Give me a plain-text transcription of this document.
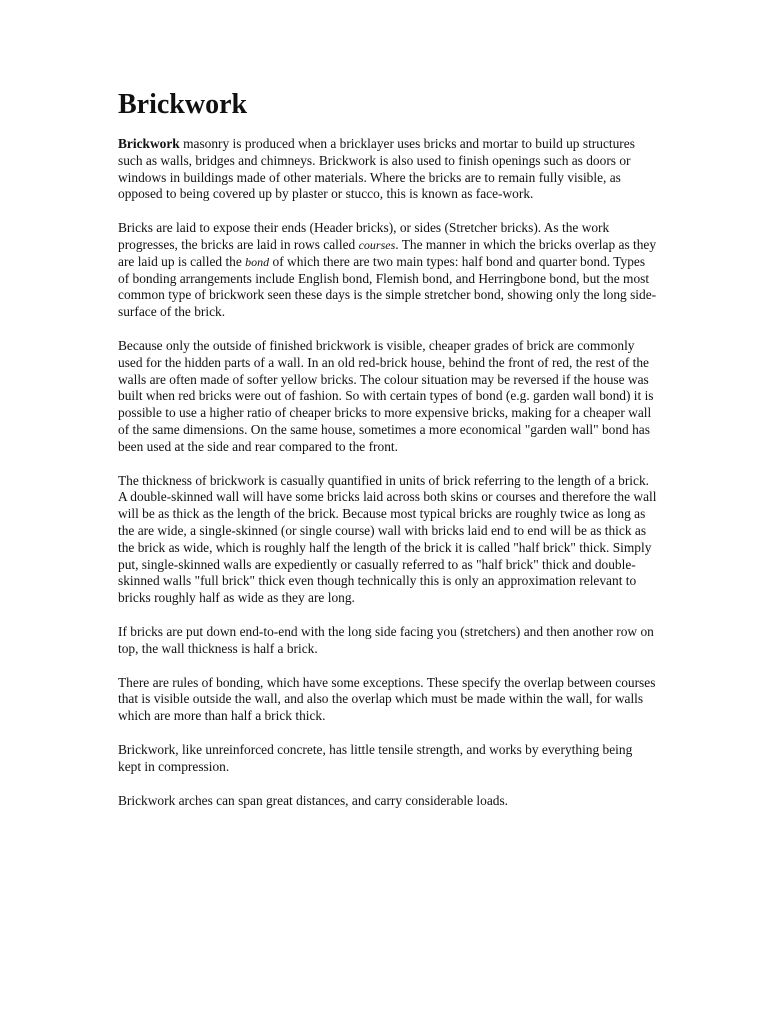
Brickwork

Brickwork masonry is produced when a bricklayer uses bricks and mortar to build up structures such as walls, bridges and chimneys. Brickwork is also used to finish openings such as doors or windows in buildings made of other materials. Where the bricks are to remain fully visible, as opposed to being covered up by plaster or stucco, this is known as face-work.

Bricks are laid to expose their ends (Header bricks), or sides (Stretcher bricks). As the work progresses, the bricks are laid in rows called courses. The manner in which the bricks overlap as they are laid up is called the bond of which there are two main types: half bond and quarter bond. Types of bonding arrangements include English bond, Flemish bond, and Herringbone bond, but the most common type of brickwork seen these days is the simple stretcher bond, showing only the long side-surface of the brick.

Because only the outside of finished brickwork is visible, cheaper grades of brick are commonly used for the hidden parts of a wall. In an old red-brick house, behind the front of red, the rest of the walls are often made of softer yellow bricks. The colour situation may be reversed if the house was built when red bricks were out of fashion. So with certain types of bond (e.g. garden wall bond) it is possible to use a higher ratio of cheaper bricks to more expensive bricks, making for a cheaper wall of the same dimensions. On the same house, sometimes a more economical "garden wall" bond has been used at the side and rear compared to the front.

The thickness of brickwork is casually quantified in units of brick referring to the length of a brick. A double-skinned wall will have some bricks laid across both skins or courses and therefore the wall will be as thick as the length of the brick. Because most typical bricks are roughly twice as long as the are wide, a single-skinned (or single course) wall with bricks laid end to end will be as thick as the brick as wide, which is roughly half the length of the brick it is called "half brick" thick. Simply put, single-skinned walls are expediently or casually referred to as "half brick" thick and double-skinned walls "full brick" thick even though technically this is only an approximation relevant to bricks roughly half as wide as they are long.

If bricks are put down end-to-end with the long side facing you (stretchers) and then another row on top, the wall thickness is half a brick.

There are rules of bonding, which have some exceptions. These specify the overlap between courses that is visible outside the wall, and also the overlap which must be made within the wall, for walls which are more than half a brick thick.

Brickwork, like unreinforced concrete, has little tensile strength, and works by everything being kept in compression.

Brickwork arches can span great distances, and carry considerable loads.
